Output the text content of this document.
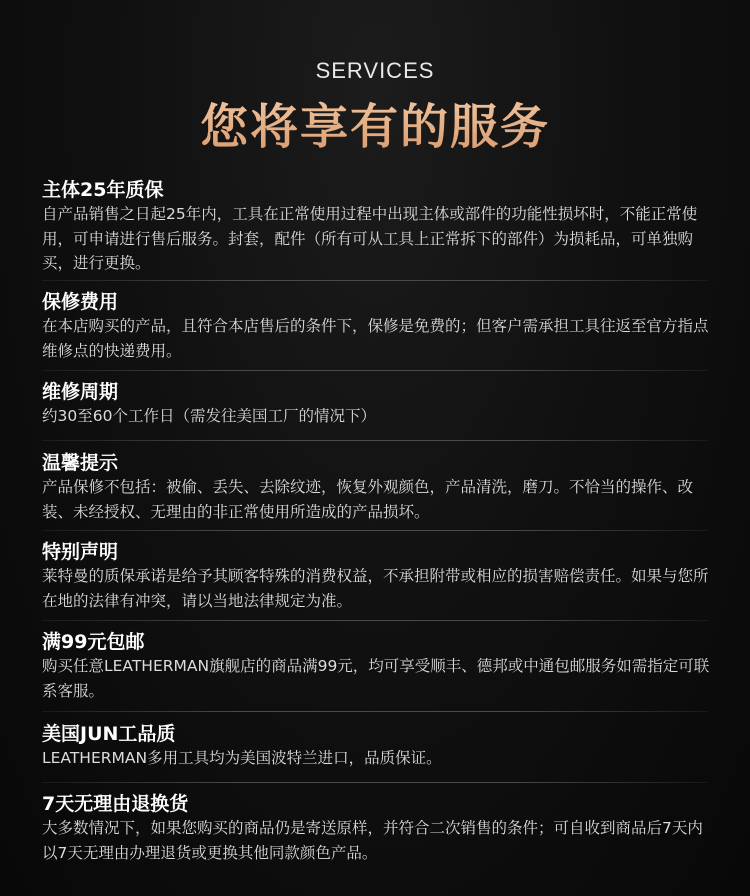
SERVICES
您将享有的服务

主体25年质保

自产品销售之日起25年内，工具在正常使用过程中出现主体或部件的功能性损坏时，不能正常使用，可申请进行售后服务。封套，配件（所有可从工具上正常拆下的部件）为损耗品，可单独购买，进行更换。

保修费用

在本店购买的产品，且符合本店售后的条件下，保修是免费的；但客户需承担工具往返至官方指点维修点的快递费用。

维修周期

约30至60个工作日（需发往美国工厂的情况下）

温馨提示

产品保修不包括：被偷、丢失、去除纹迹，恢复外观颜色，产品清洗，磨刀。不恰当的操作、改装、未经授权、无理由的非正常使用所造成的产品损坏。

特别声明

莱特曼的质保承诺是给予其顾客特殊的消费权益，不承担附带或相应的损害赔偿责任。如果与您所在地的法律有冲突，请以当地法律规定为准。

满99元包邮

购买任意LEATHERMAN旗舰店的商品满99元，均可享受顺丰、德邦或中通包邮服务如需指定可联系客服。

美国JUN工品质

LEATHERMAN多用工具均为美国波特兰进口，品质保证。

7天无理由退换货

大多数情况下，如果您购买的商品仍是寄送原样，并符合二次销售的条件；可自收到商品后7天内以7天无理由办理退货或更换其他同款颜色产品。
